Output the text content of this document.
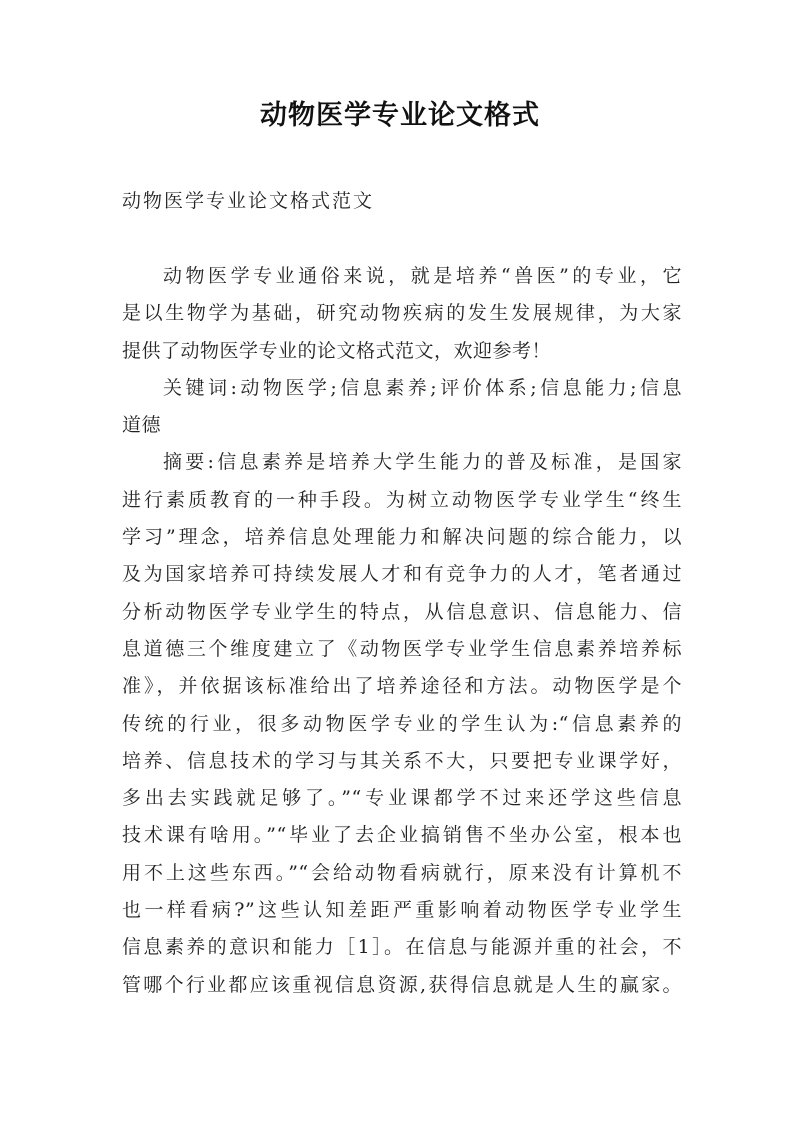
动物医学专业论文格式
动物医学专业论文格式范文
动物医学专业通俗来说，就是培养“兽医”的专业，它
是以生物学为基础，研究动物疾病的发生发展规律，为大家
提供了动物医学专业的论文格式范文，欢迎参考！
关键词:动物医学;信息素养;评价体系;信息能力;信息
道德
摘要:信息素养是培养大学生能力的普及标准，是国家
进行素质教育的一种手段。为树立动物医学专业学生“终生
学习”理念，培养信息处理能力和解决问题的综合能力，以
及为国家培养可持续发展人才和有竞争力的人才，笔者通过
分析动物医学专业学生的特点，从信息意识、信息能力、信
息道德三个维度建立了《动物医学专业学生信息素养培养标
准》，并依据该标准给出了培养途径和方法。动物医学是个
传统的行业，很多动物医学专业的学生认为:“信息素养的
培养、信息技术的学习与其关系不大，只要把专业课学好，
多出去实践就足够了。”“专业课都学不过来还学这些信息
技术课有啥用。”“毕业了去企业搞销售不坐办公室，根本也
用不上这些东西。”“会给动物看病就行，原来没有计算机不
也一样看病?”这些认知差距严重影响着动物医学专业学生
信息素养的意识和能力［1］。在信息与能源并重的社会，不
管哪个行业都应该重视信息资源,获得信息就是人生的赢家。
